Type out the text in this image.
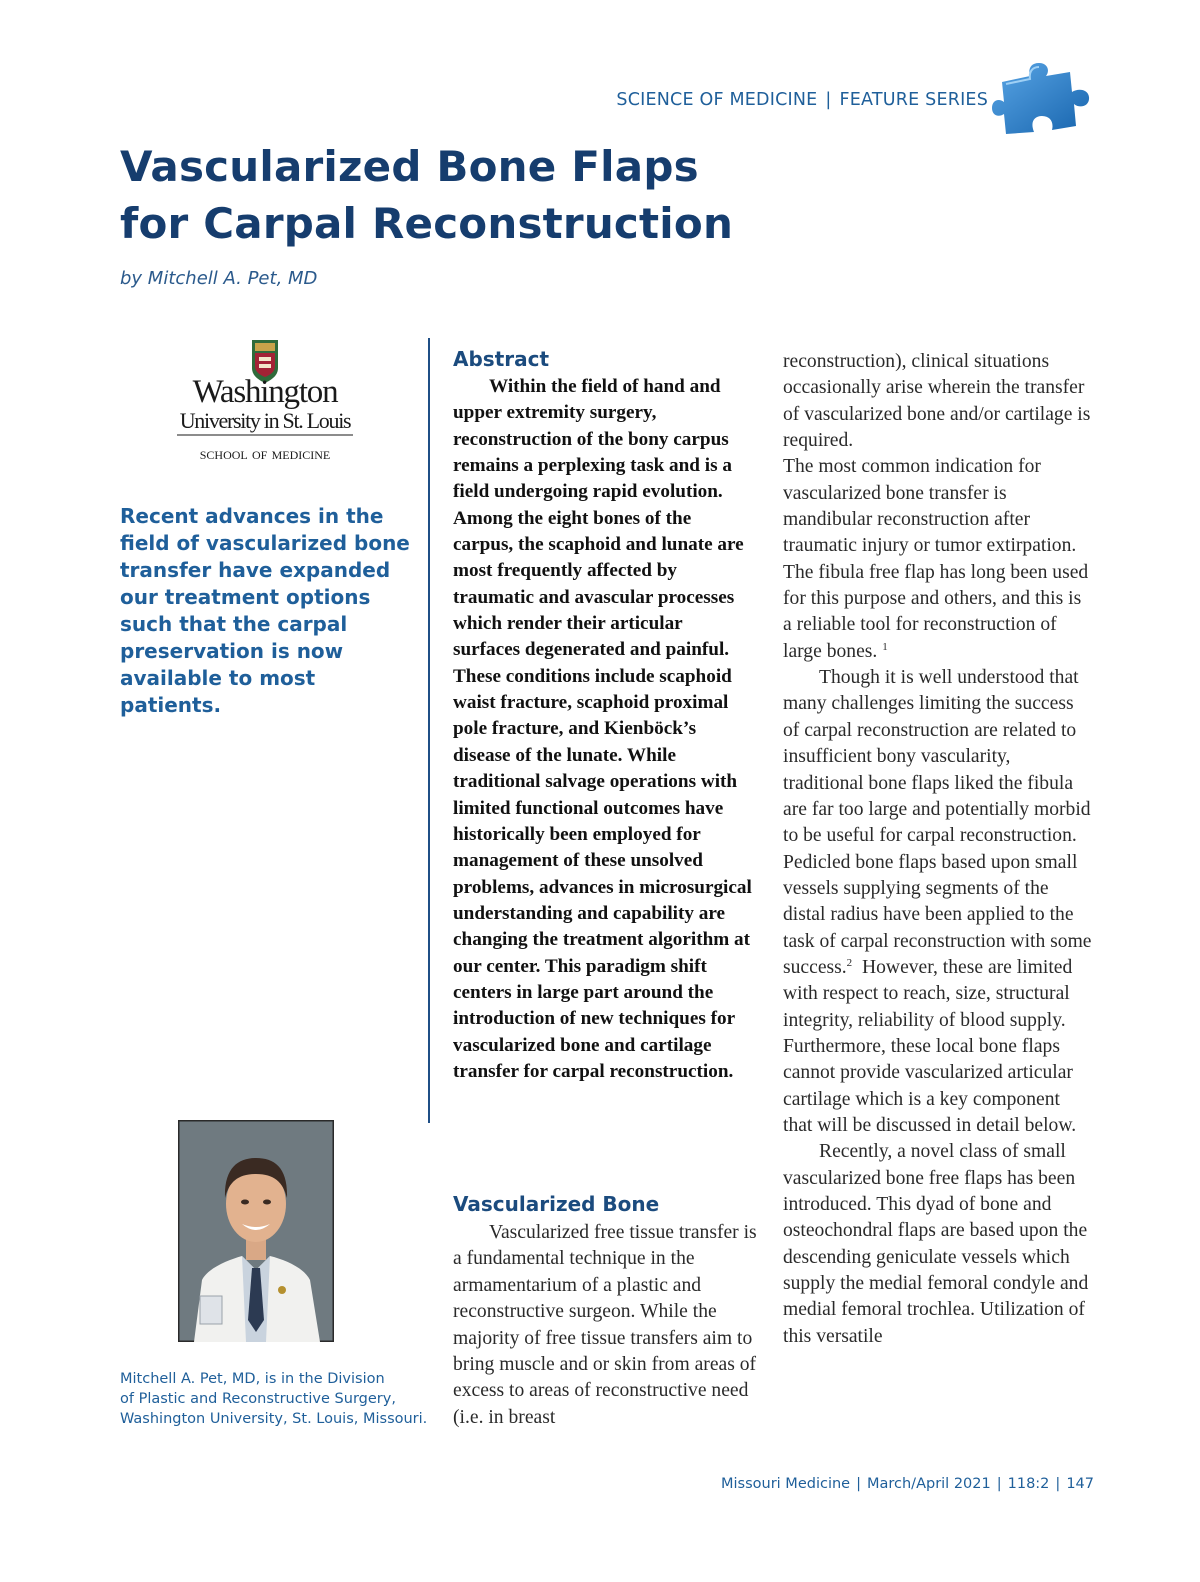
SCIENCE OF MEDICINE | FEATURE SERIES
Vascularized Bone Flaps
for Carpal Reconstruction
by Mitchell A. Pet, MD
Washington
University in St. Louis
school of medicine

Recent advances in the field of vascularized bone transfer have expanded our treatment options such that the carpal preservation is now available to most patients.

Mitchell A. Pet, MD, is in the Division
of Plastic and Reconstructive Surgery,
Washington University, St. Louis, Missouri.

Abstract

Within the field of hand and upper extremity surgery, reconstruction of the bony carpus remains a perplexing task and is a field undergoing rapid evolution. Among the eight bones of the carpus, the scaphoid and lunate are most frequently affected by traumatic and avascular processes which render their articular surfaces degenerated and painful. These conditions include scaphoid waist fracture, scaphoid proximal pole fracture, and Kienböck’s disease of the lunate. While traditional salvage operations with limited functional outcomes have historically been employed for management of these unsolved problems, advances in microsurgical understanding and capability are changing the treatment algorithm at our center. This paradigm shift centers in large part around the introduction of new techniques for vascularized bone and cartilage transfer for carpal reconstruction.

Vascularized Bone

Vascularized free tissue transfer is a fundamental technique in the armamentarium of a plastic and reconstructive surgeon. While the majority of free tissue transfers aim to bring muscle and or skin from areas of excess to areas of reconstructive need (i.e. in breast

reconstruction), clinical situations occasionally arise wherein the transfer of vascularized bone and/or cartilage is required.
The most common indication for vascularized bone transfer is mandibular reconstruction after traumatic injury or tumor extirpation. The fibula free flap has long been used for this purpose and others, and this is a reliable tool for reconstruction of large bones. $^1$
Though it is well understood that many challenges limiting the success of carpal reconstruction are related to insufficient bony vascularity, traditional bone flaps liked the fibula are far too large and potentially morbid to be useful for carpal reconstruction. Pedicled bone flaps based upon small vessels supplying segments of the distal radius have been applied to the task of carpal reconstruction with some success.$^2$ However, these are limited with respect to reach, size, structural integrity, reliability of blood supply. Furthermore, these local bone flaps cannot provide vascularized articular cartilage which is a key component that will be discussed in detail below.
Recently, a novel class of small vascularized bone free flaps has been introduced. This dyad of bone and osteochondral flaps are based upon the descending geniculate vessels which supply the medial femoral condyle and medial femoral trochlea. Utilization of this versatile
Missouri Medicine | March/April 2021 | 118:2 | 147
